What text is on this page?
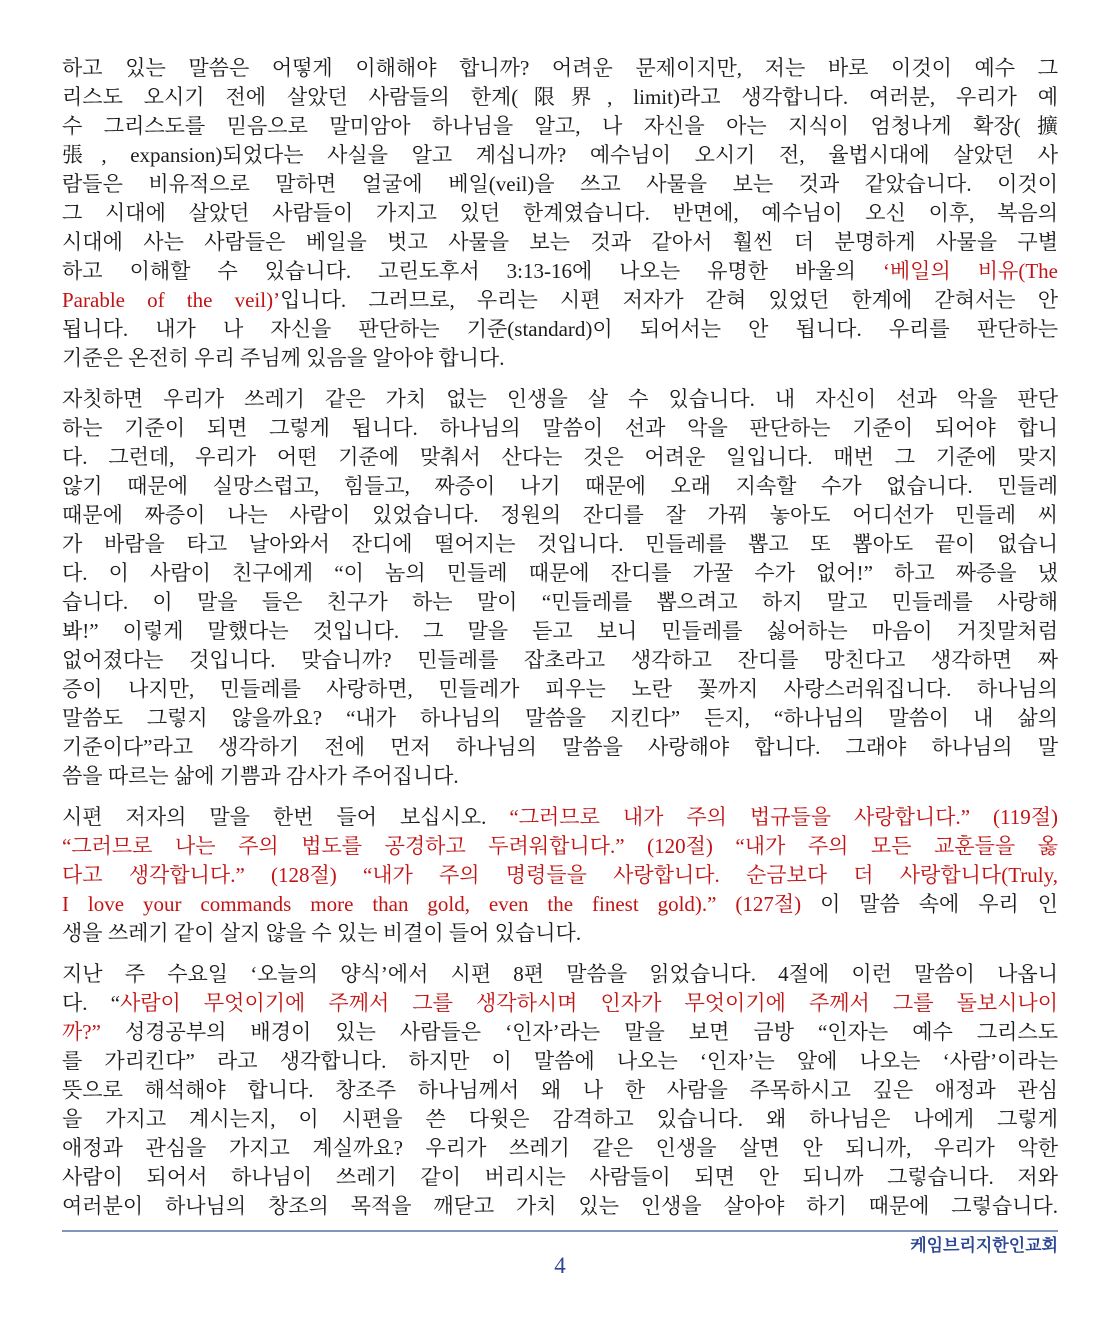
하고 있는 말씀은 어떻게 이해해야 합니까? 어려운 문제이지만, 저는 바로 이것이 예수 그
리스도 오시기 전에 살았던 사람들의 한계(限界, limit)라고 생각합니다. 여러분, 우리가 예
수 그리스도를 믿음으로 말미암아 하나님을 알고, 나 자신을 아는 지식이 엄청나게 확장(擴
張, expansion)되었다는 사실을 알고 계십니까? 예수님이 오시기 전, 율법시대에 살았던 사
람들은 비유적으로 말하면 얼굴에 베일(veil)을 쓰고 사물을 보는 것과 같았습니다. 이것이
그 시대에 살았던 사람들이 가지고 있던 한계였습니다. 반면에, 예수님이 오신 이후, 복음의
시대에 사는 사람들은 베일을 벗고 사물을 보는 것과 같아서 훨씬 더 분명하게 사물을 구별
하고 이해할 수 있습니다. 고린도후서 3:13-16에 나오는 유명한 바울의 ‘베일의 비유(The
Parable of the veil)’입니다. 그러므로, 우리는 시편 저자가 갇혀 있었던 한계에 갇혀서는 안
됩니다. 내가 나 자신을 판단하는 기준(standard)이 되어서는 안 됩니다. 우리를 판단하는
기준은 온전히 우리 주님께 있음을 알아야 합니다.
자칫하면 우리가 쓰레기 같은 가치 없는 인생을 살 수 있습니다. 내 자신이 선과 악을 판단
하는 기준이 되면 그렇게 됩니다. 하나님의 말씀이 선과 악을 판단하는 기준이 되어야 합니
다. 그런데, 우리가 어떤 기준에 맞춰서 산다는 것은 어려운 일입니다. 매번 그 기준에 맞지
않기 때문에 실망스럽고, 힘들고, 짜증이 나기 때문에 오래 지속할 수가 없습니다. 민들레
때문에 짜증이 나는 사람이 있었습니다. 정원의 잔디를 잘 가꿔 놓아도 어디선가 민들레 씨
가 바람을 타고 날아와서 잔디에 떨어지는 것입니다. 민들레를 뽑고 또 뽑아도 끝이 없습니
다. 이 사람이 친구에게 “이 놈의 민들레 때문에 잔디를 가꿀 수가 없어!” 하고 짜증을 냈
습니다. 이 말을 들은 친구가 하는 말이 “민들레를 뽑으려고 하지 말고 민들레를 사랑해
봐!” 이렇게 말했다는 것입니다. 그 말을 듣고 보니 민들레를 싫어하는 마음이 거짓말처럼
없어졌다는 것입니다. 맞습니까? 민들레를 잡초라고 생각하고 잔디를 망친다고 생각하면 짜
증이 나지만, 민들레를 사랑하면, 민들레가 피우는 노란 꽃까지 사랑스러워집니다. 하나님의
말씀도 그렇지 않을까요? “내가 하나님의 말씀을 지킨다” 든지, “하나님의 말씀이 내 삶의
기준이다”라고 생각하기 전에 먼저 하나님의 말씀을 사랑해야 합니다. 그래야 하나님의 말
씀을 따르는 삶에 기쁨과 감사가 주어집니다.
시편 저자의 말을 한번 들어 보십시오. “그러므로 내가 주의 법규들을 사랑합니다.” (119절)
“그러므로 나는 주의 법도를 공경하고 두려워합니다.” (120절) “내가 주의 모든 교훈들을 옳
다고 생각합니다.” (128절) “내가 주의 명령들을 사랑합니다. 순금보다 더 사랑합니다(Truly,
I love your commands more than gold, even the finest gold).” (127절) 이 말씀 속에 우리 인
생을 쓰레기 같이 살지 않을 수 있는 비결이 들어 있습니다.
지난 주 수요일 ‘오늘의 양식’에서 시편 8편 말씀을 읽었습니다. 4절에 이런 말씀이 나옵니
다. “사람이 무엇이기에 주께서 그를 생각하시며 인자가 무엇이기에 주께서 그를 돌보시나이
까?” 성경공부의 배경이 있는 사람들은 ‘인자’라는 말을 보면 금방 “인자는 예수 그리스도
를 가리킨다” 라고 생각합니다. 하지만 이 말씀에 나오는 ‘인자’는 앞에 나오는 ‘사람’이라는
뜻으로 해석해야 합니다. 창조주 하나님께서 왜 나 한 사람을 주목하시고 깊은 애정과 관심
을 가지고 계시는지, 이 시편을 쓴 다윗은 감격하고 있습니다. 왜 하나님은 나에게 그렇게
애정과 관심을 가지고 계실까요? 우리가 쓰레기 같은 인생을 살면 안 되니까, 우리가 악한
사람이 되어서 하나님이 쓰레기 같이 버리시는 사람들이 되면 안 되니까 그렇습니다. 저와
여러분이 하나님의 창조의 목적을 깨닫고 가치 있는 인생을 살아야 하기 때문에 그렇습니다.
케임브리지한인교회
4
